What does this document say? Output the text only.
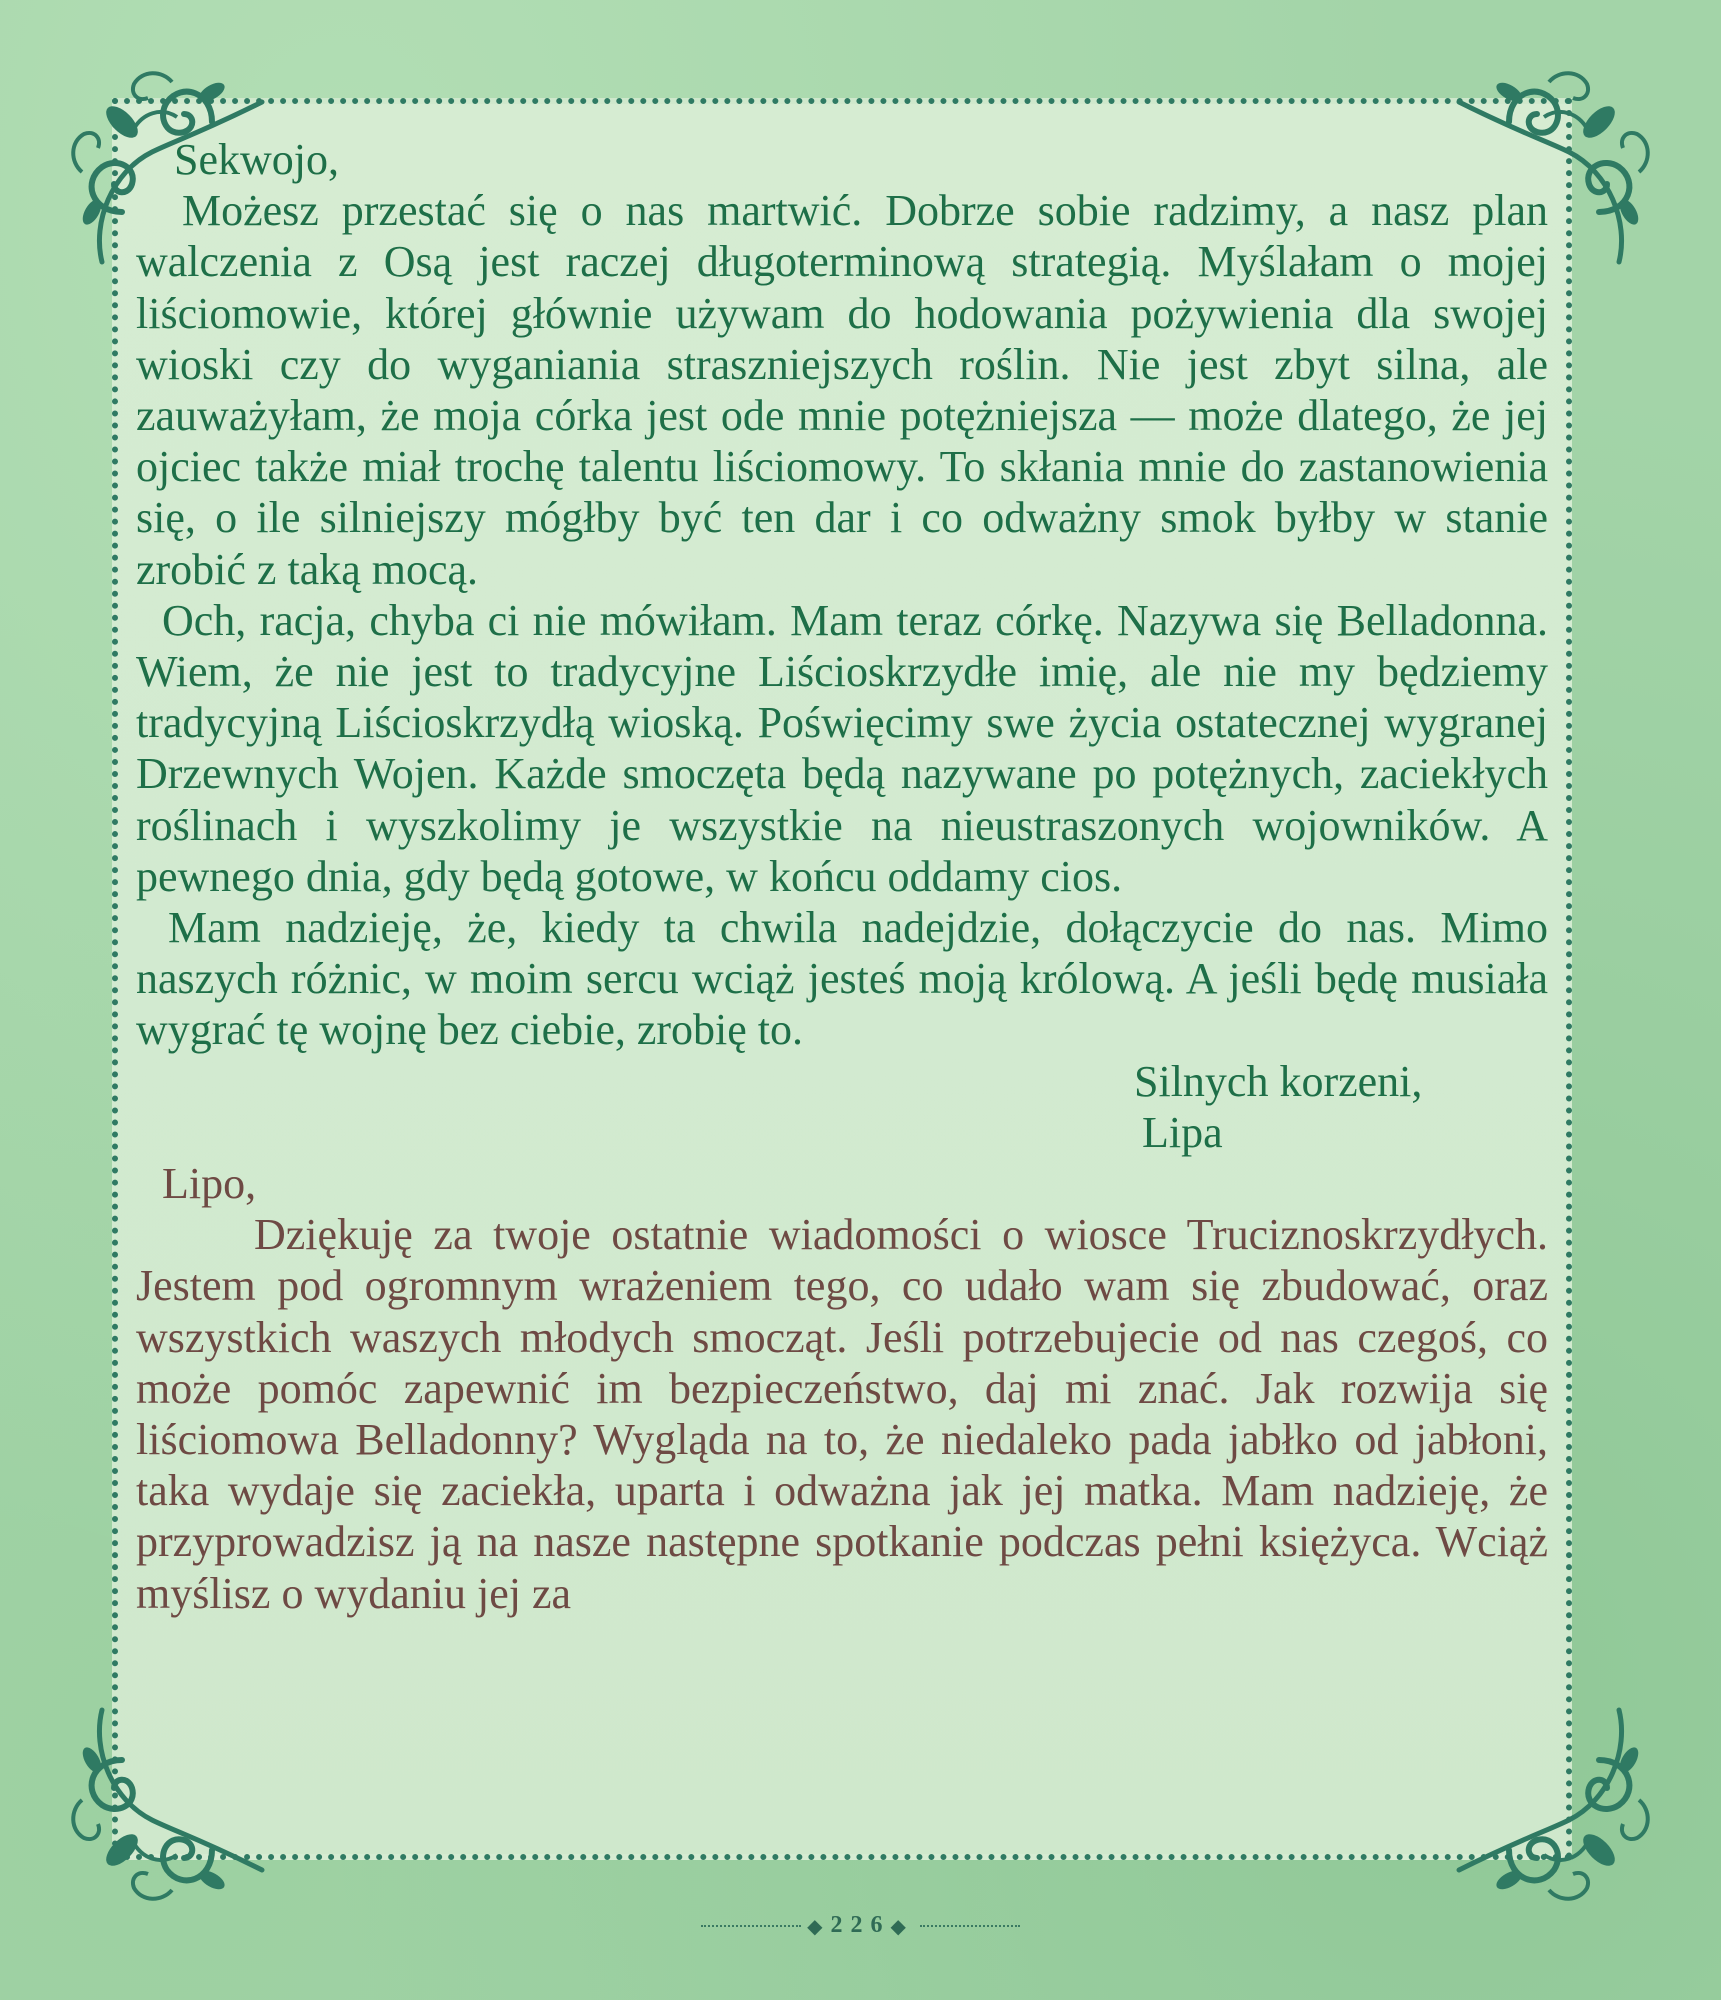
Sekwojo,

Możesz przestać się o nas martwić. Dobrze sobie radzimy, a nasz plan walczenia z Osą jest raczej długoterminową strategią. Myślałam o mojej liściomowie, której głównie używam do hodowania pożywienia dla swojej wioski czy do wyganiania straszniejszych roślin. Nie jest zbyt silna, ale zauważyłam, że moja córka jest ode mnie potężniejsza — może dlatego, że jej ojciec także miał trochę talentu liściomowy. To skłania mnie do zastanowienia się, o ile silniejszy mógłby być ten dar i co odważny smok byłby w stanie zrobić z taką mocą.

Och, racja, chyba ci nie mówiłam. Mam teraz córkę. Nazywa się Belladonna. Wiem, że nie jest to tradycyjne Liścioskrzydłe imię, ale nie my będziemy tradycyjną Liścioskrzydłą wioską. Poświęcimy swe życia ostatecznej wygranej Drzewnych Wojen. Każde smoczęta będą nazywane po potężnych, zaciekłych roślinach i wyszkolimy je wszystkie na nieustraszonych wojowników. A pewnego dnia, gdy będą gotowe, w końcu oddamy cios.

Mam nadzieję, że, kiedy ta chwila nadejdzie, dołączycie do nas. Mimo naszych różnic, w moim sercu wciąż jesteś moją królową. A jeśli będę musiała wygrać tę wojnę bez ciebie, zrobię to.

Silnych korzeni,
Lipa
Lipo,

Dziękuję za twoje ostatnie wiadomości o wiosce Truciznoskrzydłych. Jestem pod ogromnym wrażeniem tego, co udało wam się zbudować, oraz wszystkich waszych młodych smocząt. Jeśli potrzebujecie od nas czegoś, co może pomóc zapewnić im bezpieczeństwo, daj mi znać. Jak rozwija się liściomowa Belladonny? Wygląda na to, że niedaleko pada jabłko od jabłoni, taka wydaje się zaciekła, uparta i odważna jak jej matka. Mam nadzieję, że przyprowadzisz ją na nasze następne spotkanie podczas pełni księżyca. Wciąż myślisz o wydaniu jej za

◆226◆
